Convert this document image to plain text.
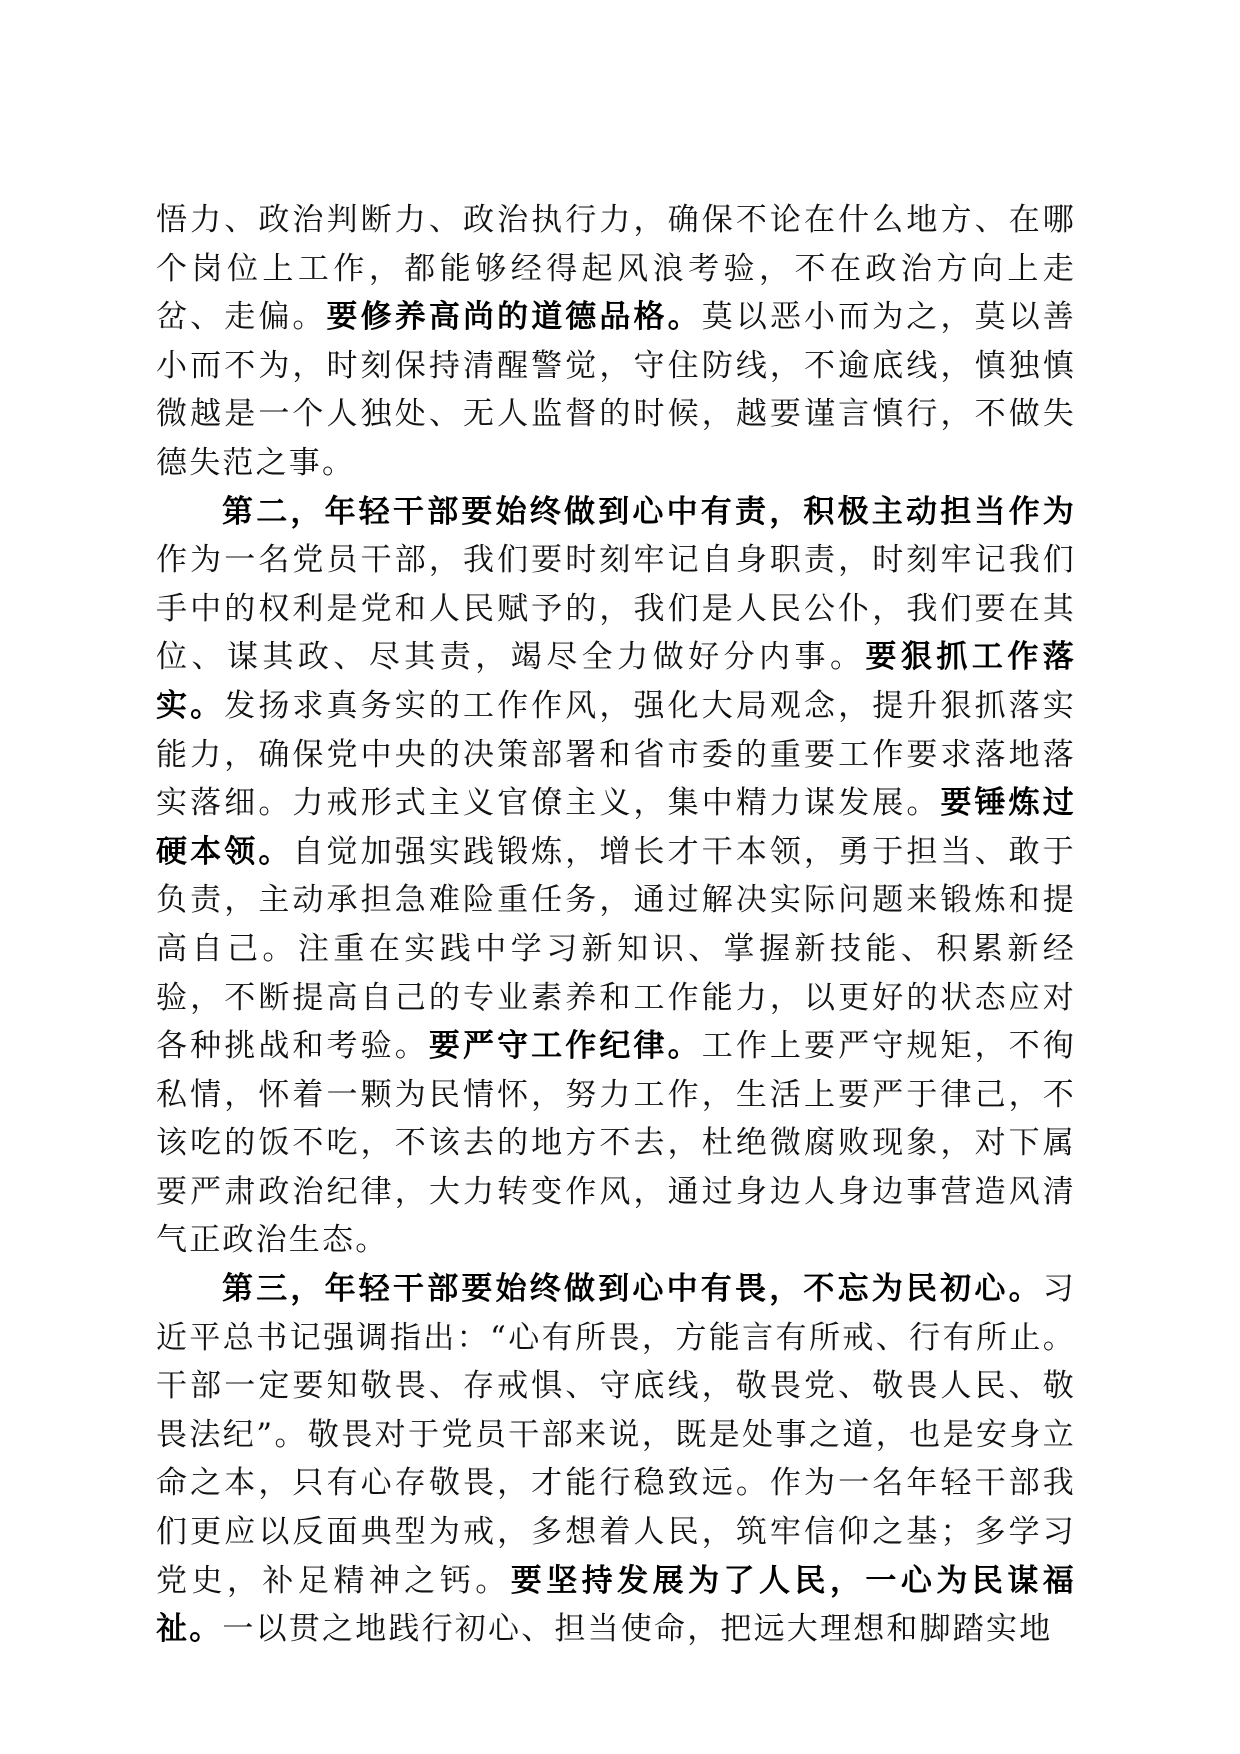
悟力、政治判断力、政治执行力，确保不论在什么地方、在哪个岗位上工作，都能够经得起风浪考验，不在政治方向上走岔、走偏。要修养高尚的道德品格。莫以恶小而为之，莫以善小而不为，时刻保持清醒警觉，守住防线，不逾底线，慎独慎微越是一个人独处、无人监督的时候，越要谨言慎行，不做失德失范之事。

第二，年轻干部要始终做到心中有责，积极主动担当作为作为一名党员干部，我们要时刻牢记自身职责，时刻牢记我们手中的权利是党和人民赋予的，我们是人民公仆，我们要在其位、谋其政、尽其责，竭尽全力做好分内事。要狠抓工作落实。发扬求真务实的工作作风，强化大局观念，提升狠抓落实能力，确保党中央的决策部署和省市委的重要工作要求落地落实落细。力戒形式主义官僚主义，集中精力谋发展。要锤炼过硬本领。自觉加强实践锻炼，增长才干本领，勇于担当、敢于负责，主动承担急难险重任务，通过解决实际问题来锻炼和提高自己。注重在实践中学习新知识、掌握新技能、积累新经验，不断提高自己的专业素养和工作能力，以更好的状态应对各种挑战和考验。要严守工作纪律。工作上要严守规矩，不徇私情，怀着一颗为民情怀，努力工作，生活上要严于律己，不该吃的饭不吃，不该去的地方不去，杜绝微腐败现象，对下属要严肃政治纪律，大力转变作风，通过身边人身边事营造风清气正政治生态。

第三，年轻干部要始终做到心中有畏，不忘为民初心。习近平总书记强调指出：“心有所畏，方能言有所戒、行有所止。干部一定要知敬畏、存戒惧、守底线，敬畏党、敬畏人民、敬畏法纪”。敬畏对于党员干部来说，既是处事之道，也是安身立命之本，只有心存敬畏，才能行稳致远。作为一名年轻干部我们更应以反面典型为戒，多想着人民，筑牢信仰之基；多学习党史，补足精神之钙。要坚持发展为了人民，一心为民谋福祉。一以贯之地践行初心、担当使命，把远大理想和脚踏实地
